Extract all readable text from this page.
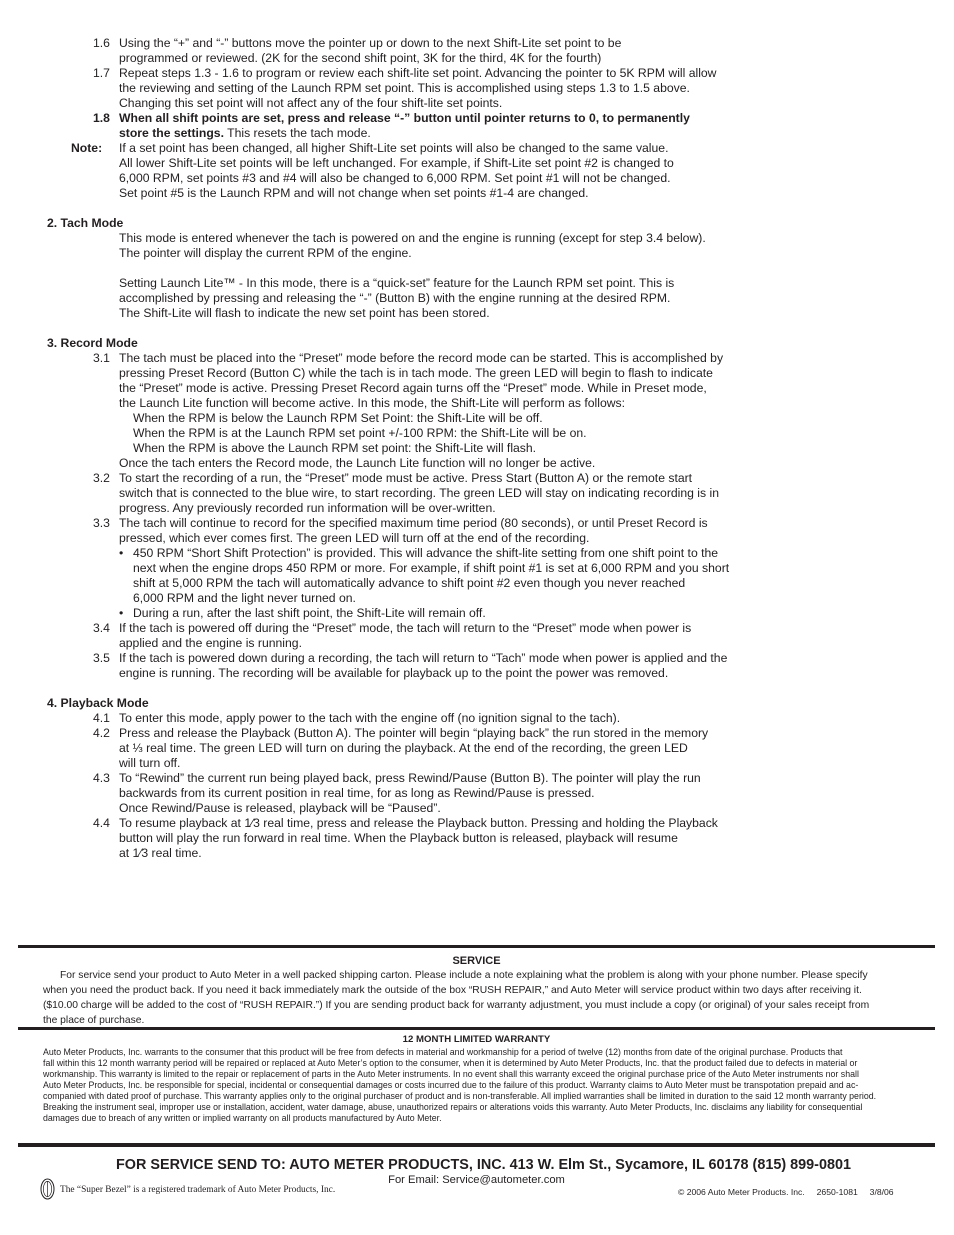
1.6 Using the “+” and “-” buttons move the pointer up or down to the next Shift-Lite set point to be
programmed or reviewed. (2K for the second shift point, 3K for the third, 4K for the fourth)
1.7 Repeat steps 1.3 - 1.6 to program or review each shift-lite set point. Advancing the pointer to 5K RPM will allow
the reviewing and setting of the Launch RPM set point. This is accomplished using steps 1.3 to 1.5 above.
Changing this set point will not affect any of the four shift-lite set points.
1.8 When all shift points are set, press and release “-” button until pointer returns to 0, to permanently
store the settings. This resets the tach mode.
Note: If a set point has been changed, all higher Shift-Lite set points will also be changed to the same value.
All lower Shift-Lite set points will be left unchanged. For example, if Shift-Lite set point #2 is changed to
6,000 RPM, set points #3 and #4 will also be changed to 6,000 RPM. Set point #1 will not be changed.
Set point #5 is the Launch RPM and will not change when set points #1-4 are changed.
2. Tach Mode
This mode is entered whenever the tach is powered on and the engine is running (except for step 3.4 below).
The pointer will display the current RPM of the engine.
Setting Launch Lite™ - In this mode, there is a “quick-set” feature for the Launch RPM set point. This is
accomplished by pressing and releasing the “-” (Button B) with the engine running at the desired RPM.
The Shift-Lite will flash to indicate the new set point has been stored.
3. Record Mode
3.1 The tach must be placed into the “Preset” mode before the record mode can be started. This is accomplished by
pressing Preset Record (Button C) while the tach is in tach mode. The green LED will begin to flash to indicate
the “Preset” mode is active. Pressing Preset Record again turns off the “Preset” mode. While in Preset mode,
the Launch Lite function will become active. In this mode, the Shift-Lite will perform as follows:
When the RPM is below the Launch RPM Set Point: the Shift-Lite will be off.
When the RPM is at the Launch RPM set point +/-100 RPM: the Shift-Lite will be on.
When the RPM is above the Launch RPM set point: the Shift-Lite will flash.
Once the tach enters the Record mode, the Launch Lite function will no longer be active.
3.2 To start the recording of a run, the “Preset” mode must be active. Press Start (Button A) or the remote start
switch that is connected to the blue wire, to start recording. The green LED will stay on indicating recording is in
progress. Any previously recorded run information will be over-written.
3.3 The tach will continue to record for the specified maximum time period (80 seconds), or until Preset Record is
pressed, which ever comes first. The green LED will turn off at the end of the recording.
• 450 RPM “Short Shift Protection” is provided. This will advance the shift-lite setting from one shift point to the
next when the engine drops 450 RPM or more. For example, if shift point #1 is set at 6,000 RPM and you short
shift at 5,000 RPM the tach will automatically advance to shift point #2 even though you never reached
6,000 RPM and the light never turned on.
• During a run, after the last shift point, the Shift-Lite will remain off.
3.4 If the tach is powered off during the “Preset” mode, the tach will return to the “Preset” mode when power is
applied and the engine is running.
3.5 If the tach is powered down during a recording, the tach will return to “Tach” mode when power is applied and the
engine is running. The recording will be available for playback up to the point the power was removed.
4. Playback Mode
4.1 To enter this mode, apply power to the tach with the engine off (no ignition signal to the tach).
4.2 Press and release the Playback (Button A). The pointer will begin “playing back” the run stored in the memory
at ⅓ real time. The green LED will turn on during the playback. At the end of the recording, the green LED
will turn off.
4.3 To “Rewind” the current run being played back, press Rewind/Pause (Button B). The pointer will play the run
backwards from its current position in real time, for as long as Rewind/Pause is pressed.
Once Rewind/Pause is released, playback will be “Paused”.
4.4 To resume playback at 1⁄3 real time, press and release the Playback button. Pressing and holding the Playback
button will play the run forward in real time. When the Playback button is released, playback will resume
at 1⁄3 real time.
SERVICE
For service send your product to Auto Meter in a well packed shipping carton. Please include a note explaining what the problem is along with your phone number. Please specify
when you need the product back. If you need it back immediately mark the outside of the box “RUSH REPAIR,” and Auto Meter will service product within two days after receiving it.
($10.00 charge will be added to the cost of “RUSH REPAIR.”) If you are sending product back for warranty adjustment, you must include a copy (or original) of your sales receipt from
the place of purchase.
12 MONTH LIMITED WARRANTY
Auto Meter Products, Inc. warrants to the consumer that this product will be free from defects in material and workmanship for a period of twelve (12) months from date of the original purchase. Products that
fall within this 12 month warranty period will be repaired or replaced at Auto Meter’s option to the consumer, when it is determined by Auto Meter Products, Inc. that the product failed due to defects in material or
workmanship. This warranty is limited to the repair or replacement of parts in the Auto Meter instruments. In no event shall this warranty exceed the original purchase price of the Auto Meter instruments nor shall
Auto Meter Products, Inc. be responsible for special, incidental or consequential damages or costs incurred due to the failure of this product. Warranty claims to Auto Meter must be transpotation prepaid and ac-
companied with dated proof of purchase. This warranty applies only to the original purchaser of product and is non-transferable. All implied warranties shall be limited in duration to the said 12 month warranty period.
Breaking the instrument seal, improper use or installation, accident, water damage, abuse, unauthorized repairs or alterations voids this warranty. Auto Meter Products, Inc. disclaims any liability for consequential
damages due to breach of any written or implied warranty on all products manufactured by Auto Meter.
FOR SERVICE SEND TO: AUTO METER PRODUCTS, INC. 413 W. Elm St., Sycamore, IL 60178 (815) 899-0801
For Email: Service@autometer.com
The “Super Bezel” is a registered trademark of Auto Meter Products, Inc.	© 2006 Auto Meter Products. Inc.     2650-1081     3/8/06
